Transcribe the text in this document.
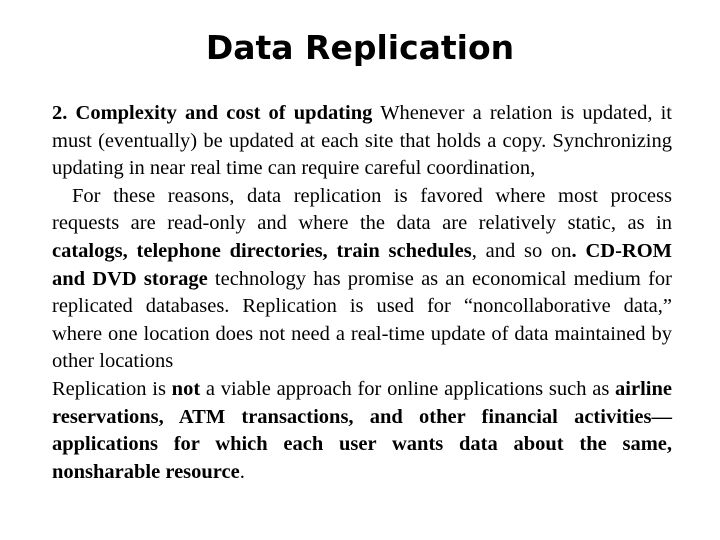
Data Replication

2. Complexity and cost of updating Whenever a relation is updated, it must (eventually) be updated at each site that holds a copy. Synchronizing updating in near real time can require careful coordination,

For these reasons, data replication is favored where most process requests are read-only and where the data are relatively static, as in catalogs, telephone directories, train schedules, and so on. CD-ROM and DVD storage technology has promise as an economical medium for replicated databases. Replication is used for “noncollaborative data,” where one location does not need a real-time update of data maintained by other locations

Replication is not a viable approach for online applications such as airline reservations, ATM transactions, and other financial activities—applications for which each user wants data about the same, nonsharable resource.
